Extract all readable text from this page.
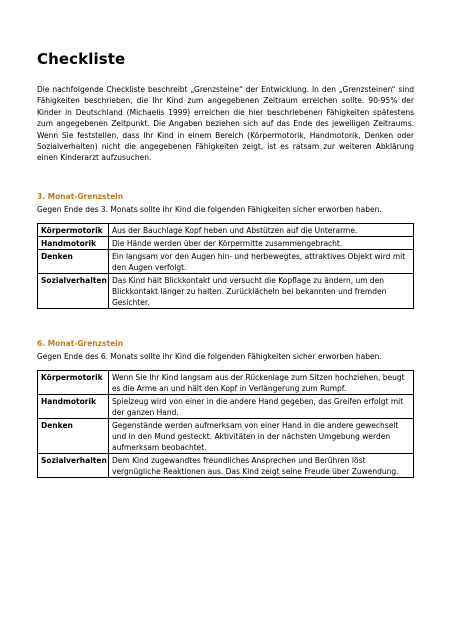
Checkliste

Die nachfolgende Checkliste beschreibt „Grenzsteine“ der Entwicklung. In den „Grenzsteinen“ sind Fähigkeiten beschrieben, die Ihr Kind zum angegebenen Zeitraum erreichen sollte. 90-95% der Kinder in Deutschland (Michaelis 1999) erreichen die hier beschriebenen Fähigkeiten spätestens zum angegebenen Zeitpunkt. Die Angaben beziehen sich auf das Ende des jeweiligen Zeitraums. Wenn Sie feststellen, dass Ihr Kind in einem Bereich (Körpermotorik, Handmotorik, Denken oder Sozialverhalten) nicht die angegebenen Fähigkeiten zeigt, ist es ratsam zur weiteren Abklärung einen Kinderarzt aufzusuchen.

3. Monat-Grenzstein

Gegen Ende des 3. Monats sollte ihr Kind die folgenden Fähigkeiten sicher erworben haben.

Körpermotorik	Aus der Bauchlage Kopf heben und Abstützen auf die Unterarme.
Handmotorik	Die Hände werden über der Körpermitte zusammengebracht.
Denken	Ein langsam vor den Augen hin- und herbewegtes, attraktives Objekt wird mit den Augen verfolgt.
Sozialverhalten	Das Kind hält Blickkontakt und versucht die Kopflage zu ändern, um den Blickkontakt länger zu halten. Zurücklächeln bei bekannten und fremden Gesichter.

6. Monat-Grenzstein

Gegen Ende des 6. Monats sollte ihr Kind die folgenden Fähigkeiten sicher erworben haben.

Körpermotorik	Wenn Sie Ihr Kind langsam aus der Rückenlage zum Sitzen hochziehen, beugt es die Arme an und hält den Kopf in Verlängerung zum Rumpf.
Handmotorik	Spielzeug wird von einer in die andere Hand gegeben, das Greifen erfolgt mit der ganzen Hand.
Denken	Gegenstände werden aufmerksam von einer Hand in die andere gewechselt und in den Mund gesteckt. Aktivitäten in der nächsten Umgebung werden aufmerksam beobachtet.
Sozialverhalten	Dem Kind zugewandtes freundliches Ansprechen und Berühren löst vergnügliche Reaktionen aus. Das Kind zeigt seine Freude über Zuwendung.
